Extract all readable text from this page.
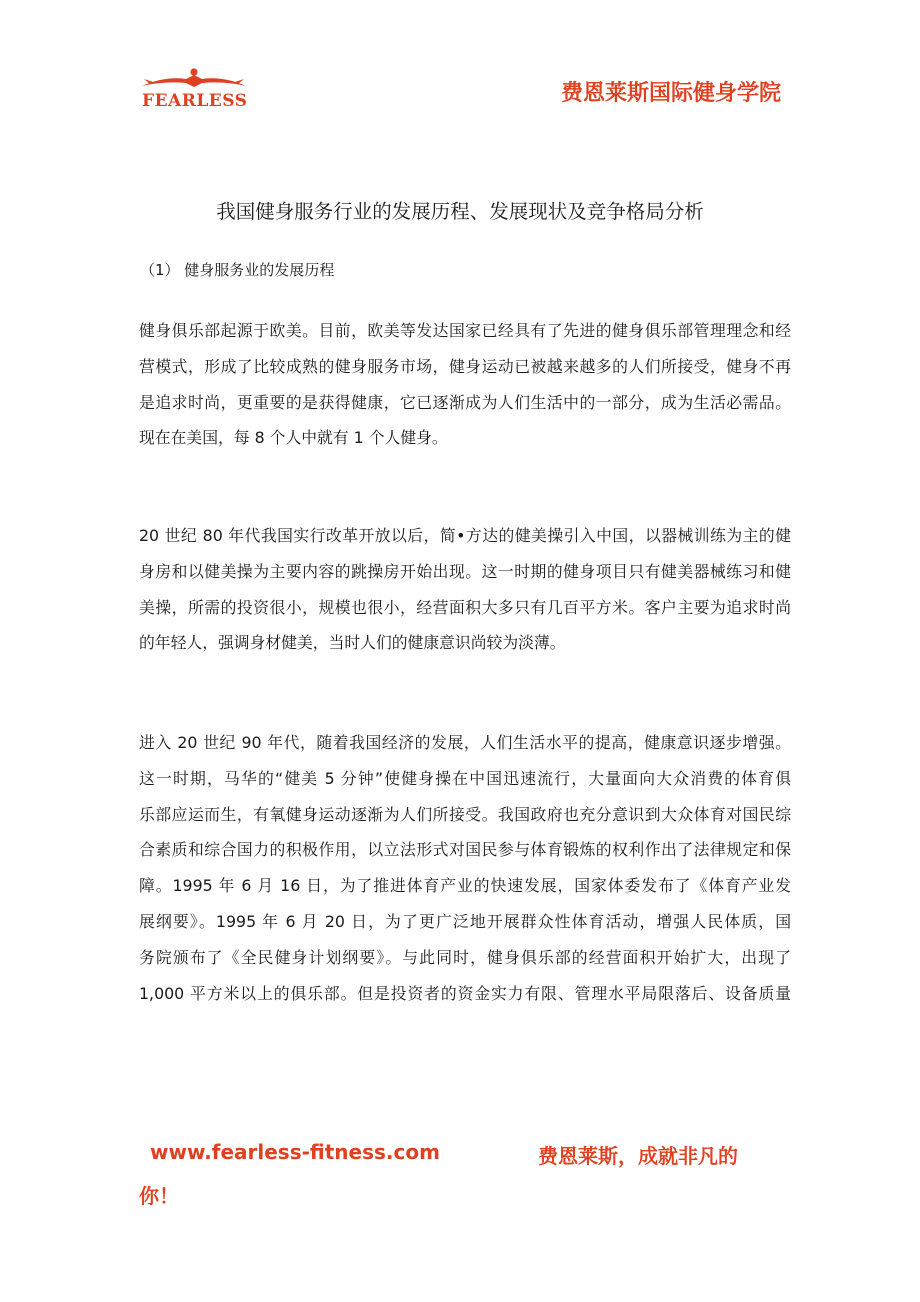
FEARLESS	费恩莱斯国际健身学院
我国健身服务行业的发展历程、发展现状及竞争格局分析
（1） 健身服务业的发展历程
健身俱乐部起源于欧美。目前，欧美等发达国家已经具有了先进的健身俱乐部管理理念和经
营模式，形成了比较成熟的健身服务市场，健身运动已被越来越多的人们所接受，健身不再
是追求时尚，更重要的是获得健康，它已逐渐成为人们生活中的一部分，成为生活必需品。
现在在美国，每 8 个人中就有 1 个人健身。
20 世纪 80 年代我国实行改革开放以后，简•方达的健美操引入中国，以器械训练为主的健
身房和以健美操为主要内容的跳操房开始出现。这一时期的健身项目只有健美器械练习和健
美操，所需的投资很小，规模也很小，经营面积大多只有几百平方米。客户主要为追求时尚
的年轻人，强调身材健美，当时人们的健康意识尚较为淡薄。
进入 20 世纪 90 年代，随着我国经济的发展，人们生活水平的提高，健康意识逐步增强。
这一时期，马华的“健美 5 分钟”使健身操在中国迅速流行，大量面向大众消费的体育俱
乐部应运而生，有氧健身运动逐渐为人们所接受。我国政府也充分意识到大众体育对国民综
合素质和综合国力的积极作用，以立法形式对国民参与体育锻炼的权利作出了法律规定和保
障。1995 年 6 月 16 日，为了推进体育产业的快速发展，国家体委发布了《体育产业发
展纲要》。1995 年 6 月 20 日，为了更广泛地开展群众性体育活动，增强人民体质，国
务院颁布了《全民健身计划纲要》。与此同时，健身俱乐部的经营面积开始扩大，出现了
1,000 平方米以上的俱乐部。但是投资者的资金实力有限、管理水平局限落后、设备质量
www.fearless-fitness.com	费恩莱斯，成就非凡的
你！
